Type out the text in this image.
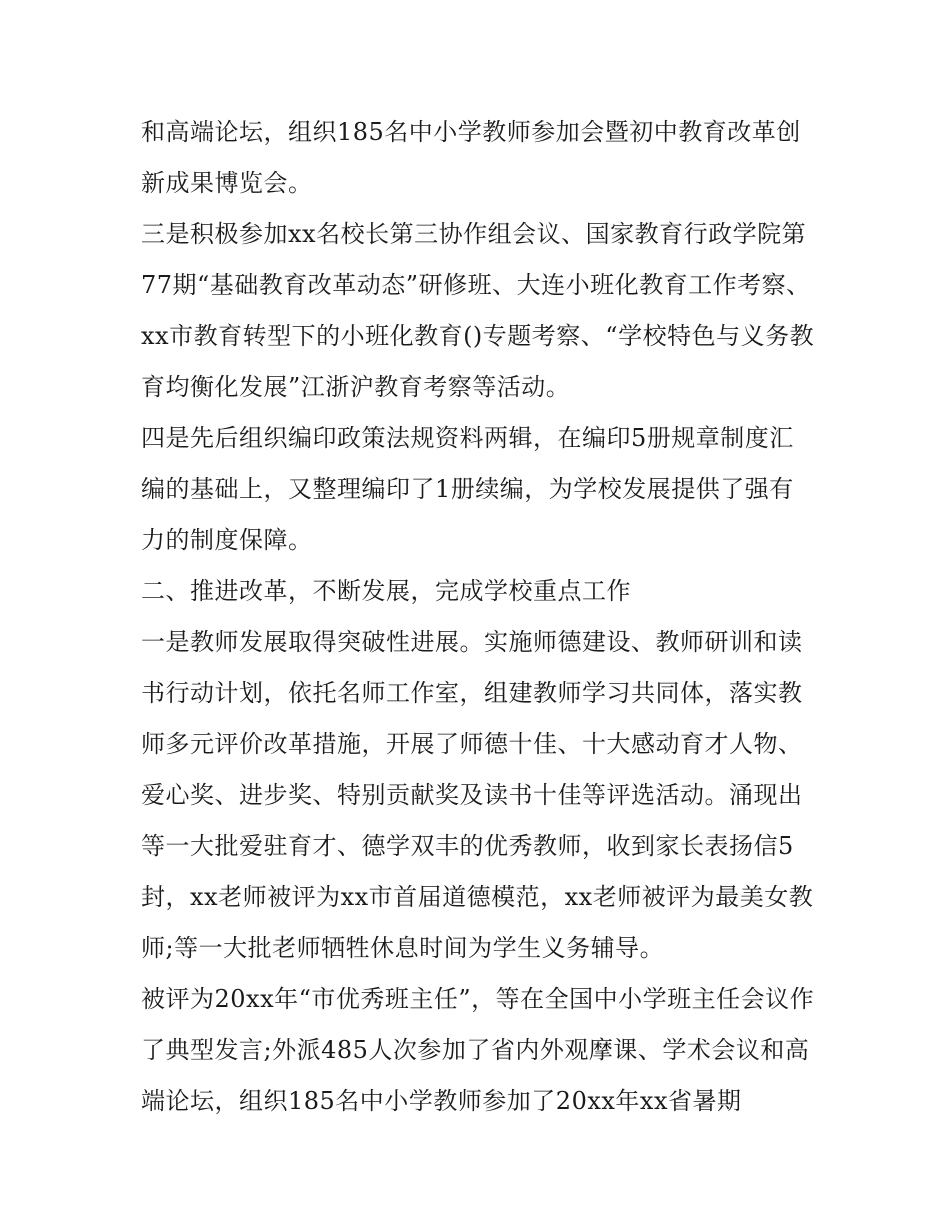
和高端论坛，组织185名中小学教师参加会暨初中教育改革创新成果博览会。

三是积极参加xx名校长第三协作组会议、国家教育行政学院第77期“基础教育改革动态”研修班、大连小班化教育工作考察、xx市教育转型下的小班化教育()专题考察、“学校特色与义务教育均衡化发展”江浙沪教育考察等活动。

四是先后组织编印政策法规资料两辑，在编印5册规章制度汇编的基础上，又整理编印了1册续编，为学校发展提供了强有力的制度保障。

二、推进改革，不断发展，完成学校重点工作

一是教师发展取得突破性进展。实施师德建设、教师研训和读书行动计划，依托名师工作室，组建教师学习共同体，落实教师多元评价改革措施，开展了师德十佳、十大感动育才人物、爱心奖、进步奖、特别贡献奖及读书十佳等评选活动。涌现出等一大批爱驻育才、德学双丰的优秀教师，收到家长表扬信5封，xx老师被评为xx市首届道德模范，xx老师被评为最美女教师;等一大批老师牺牲休息时间为学生义务辅导。

被评为20xx年“市优秀班主任”，等在全国中小学班主任会议作了典型发言;外派485人次参加了省内外观摩课、学术会议和高端论坛，组织185名中小学教师参加了20xx年xx省暑期
